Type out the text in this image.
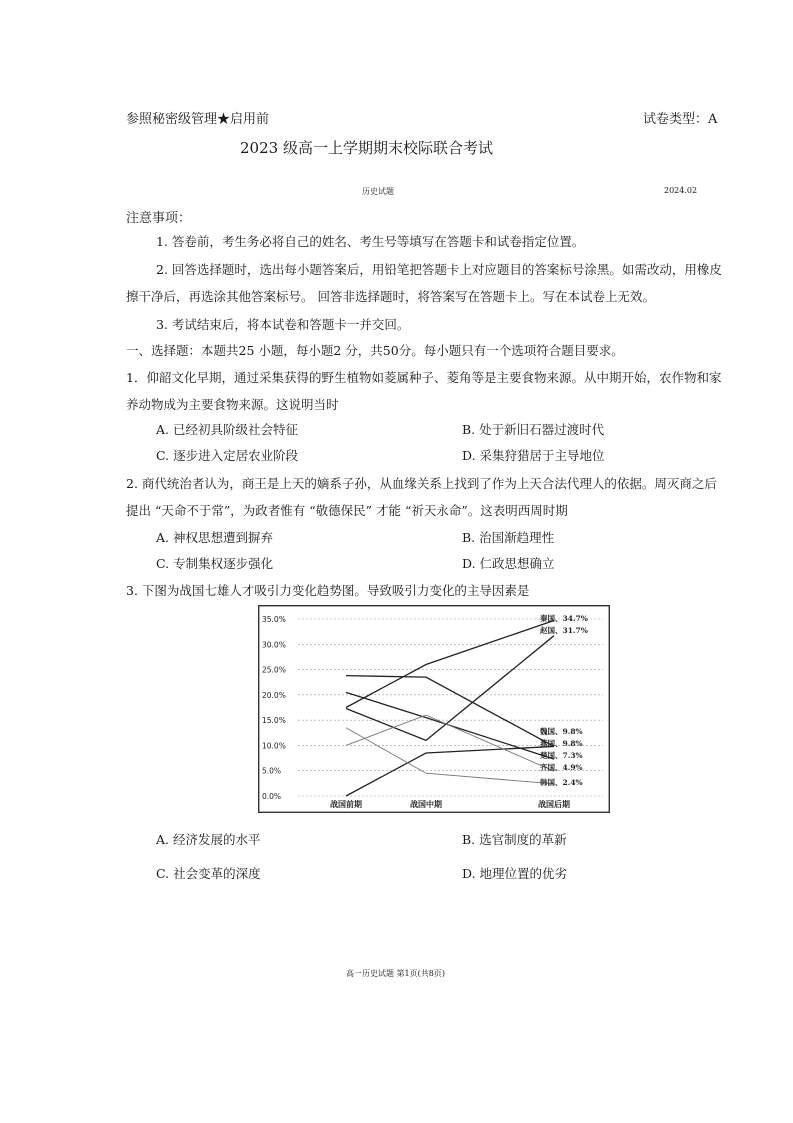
参照秘密级管理★启用前	试卷类型：A
2023 级高一上学期期末校际联合考试
历史试题	2024.02
注意事项：
1. 答卷前，考生务必将自己的姓名、考生号等填写在答题卡和试卷指定位置。
2. 回答选择题时，选出每小题答案后，用铅笔把答题卡上对应题目的答案标号涂黑。如需改动，用橡皮
擦干净后，再选涂其他答案标号。 回答非选择题时，将答案写在答题卡上。写在本试卷上无效。
3. 考试结束后，将本试卷和答题卡一并交回。
一、选择题：本题共25 小题，每小题2 分，共50分。每小题只有一个选项符合题目要求。
1．仰韶文化早期，通过采集获得的野生植物如菱属种子、菱角等是主要食物来源。从中期开始，农作物和家
养动物成为主要食物来源。这说明当时
A. 已经初具阶级社会特征	B. 处于新旧石器过渡时代
C. 逐步进入定居农业阶段	D. 采集狩猎居于主导地位
2. 商代统治者认为，商王是上天的嫡系子孙，从血缘关系上找到了作为上天合法代理人的依据。周灭商之后
提出 “天命不于常”，为政者惟有 “敬德保民” 才能 “祈天永命”。这表明西周时期
A. 神权思想遭到摒弃	B. 治国渐趋理性
C. 专制集权逐步强化	D. 仁政思想确立
3. 下图为战国七雄人才吸引力变化趋势图。导致吸引力变化的主导因素是
0.0%
5.0%
10.0%
15.0%
20.0%
25.0%
30.0%
35.0%
战国前期	战国中期	战国后期
秦国、34.7%
赵国、31.7%
魏国、9.8%
燕国、9.8%
楚国、7.3%
齐国、4.9%
韩国、2.4%
A. 经济发展的水平	B. 选官制度的革新
C. 社会变革的深度	D. 地理位置的优劣
高一历史试题 第1页(共8页)
